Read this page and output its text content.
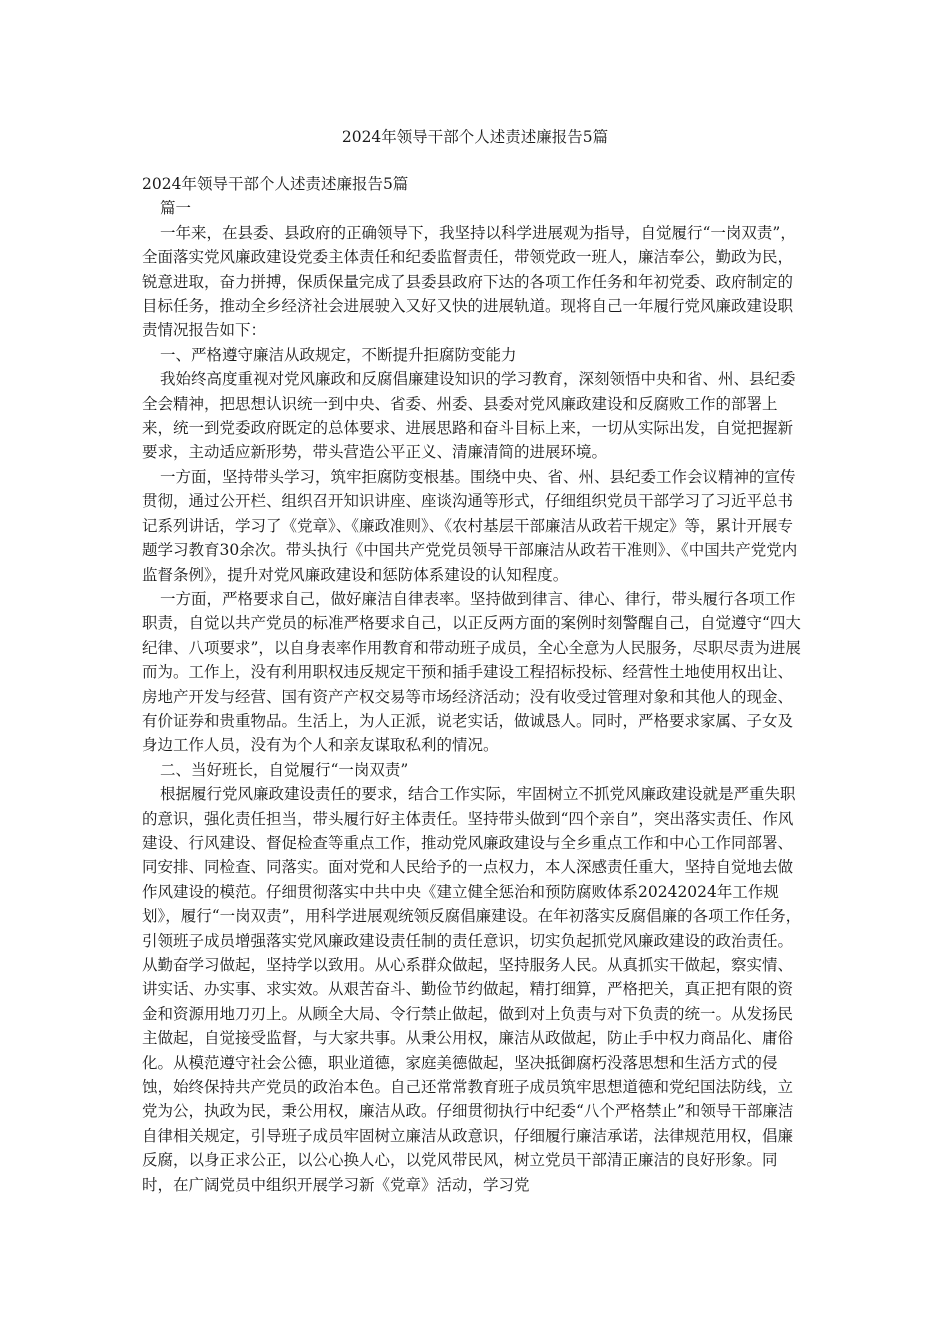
2024年领导干部个人述责述廉报告5篇

2024年领导干部个人述责述廉报告5篇

篇一

一年来，在县委、县政府的正确领导下，我坚持以科学进展观为指导，自觉履行“一岗双责”，全面落实党风廉政建设党委主体责任和纪委监督责任，带领党政一班人，廉洁奉公，勤政为民，锐意进取，奋力拼搏，保质保量完成了县委县政府下达的各项工作任务和年初党委、政府制定的目标任务，推动全乡经济社会进展驶入又好又快的进展轨道。现将自己一年履行党风廉政建设职责情况报告如下：

一、严格遵守廉洁从政规定，不断提升拒腐防变能力

我始终高度重视对党风廉政和反腐倡廉建设知识的学习教育，深刻领悟中央和省、州、县纪委全会精神，把思想认识统一到中央、省委、州委、县委对党风廉政建设和反腐败工作的部署上来，统一到党委政府既定的总体要求、进展思路和奋斗目标上来，一切从实际出发，自觉把握新要求，主动适应新形势，带头营造公平正义、清廉清简的进展环境。

一方面，坚持带头学习，筑牢拒腐防变根基。围绕中央、省、州、县纪委工作会议精神的宣传贯彻，通过公开栏、组织召开知识讲座、座谈沟通等形式，仔细组织党员干部学习了习近平总书记系列讲话，学习了《党章》、《廉政准则》、《农村基层干部廉洁从政若干规定》等，累计开展专题学习教育30余次。带头执行《中国共产党党员领导干部廉洁从政若干准则》、《中国共产党党内监督条例》，提升对党风廉政建设和惩防体系建设的认知程度。

一方面，严格要求自己，做好廉洁自律表率。坚持做到律言、律心、律行，带头履行各项工作职责，自觉以共产党员的标准严格要求自己，以正反两方面的案例时刻警醒自己，自觉遵守“四大纪律、八项要求”，以自身表率作用教育和带动班子成员，全心全意为人民服务，尽职尽责为进展而为。工作上，没有利用职权违反规定干预和插手建设工程招标投标、经营性土地使用权出让、房地产开发与经营、国有资产产权交易等市场经济活动；没有收受过管理对象和其他人的现金、有价证券和贵重物品。生活上，为人正派，说老实话，做诚恳人。同时，严格要求家属、子女及身边工作人员，没有为个人和亲友谋取私利的情况。

二、当好班长，自觉履行“一岗双责”

根据履行党风廉政建设责任的要求，结合工作实际，牢固树立不抓党风廉政建设就是严重失职的意识，强化责任担当，带头履行好主体责任。坚持带头做到“四个亲自”，突出落实责任、作风建设、行风建设、督促检查等重点工作，推动党风廉政建设与全乡重点工作和中心工作同部署、同安排、同检查、同落实。面对党和人民给予的一点权力，本人深感责任重大，坚持自觉地去做作风建设的模范。仔细贯彻落实中共中央《建立健全惩治和预防腐败体系20242024年工作规划》，履行“一岗双责”，用科学进展观统领反腐倡廉建设。在年初落实反腐倡廉的各项工作任务，引领班子成员增强落实党风廉政建设责任制的责任意识，切实负起抓党风廉政建设的政治责任。从勤奋学习做起，坚持学以致用。从心系群众做起，坚持服务人民。从真抓实干做起，察实情、讲实话、办实事、求实效。从艰苦奋斗、勤俭节约做起，精打细算，严格把关，真正把有限的资金和资源用地刀刃上。从顾全大局、令行禁止做起，做到对上负责与对下负责的统一。从发扬民主做起，自觉接受监督，与大家共事。从秉公用权，廉洁从政做起，防止手中权力商品化、庸俗化。从模范遵守社会公德，职业道德，家庭美德做起，坚决抵御腐朽没落思想和生活方式的侵蚀，始终保持共产党员的政治本色。自己还常常教育班子成员筑牢思想道德和党纪国法防线，立党为公，执政为民，秉公用权，廉洁从政。仔细贯彻执行中纪委“八个严格禁止”和领导干部廉洁自律相关规定，引导班子成员牢固树立廉洁从政意识，仔细履行廉洁承诺，法律规范用权，倡廉反腐，以身正求公正，以公心换人心，以党风带民风，树立党员干部清正廉洁的良好形象。同时，在广阔党员中组织开展学习新《党章》活动，学习党
